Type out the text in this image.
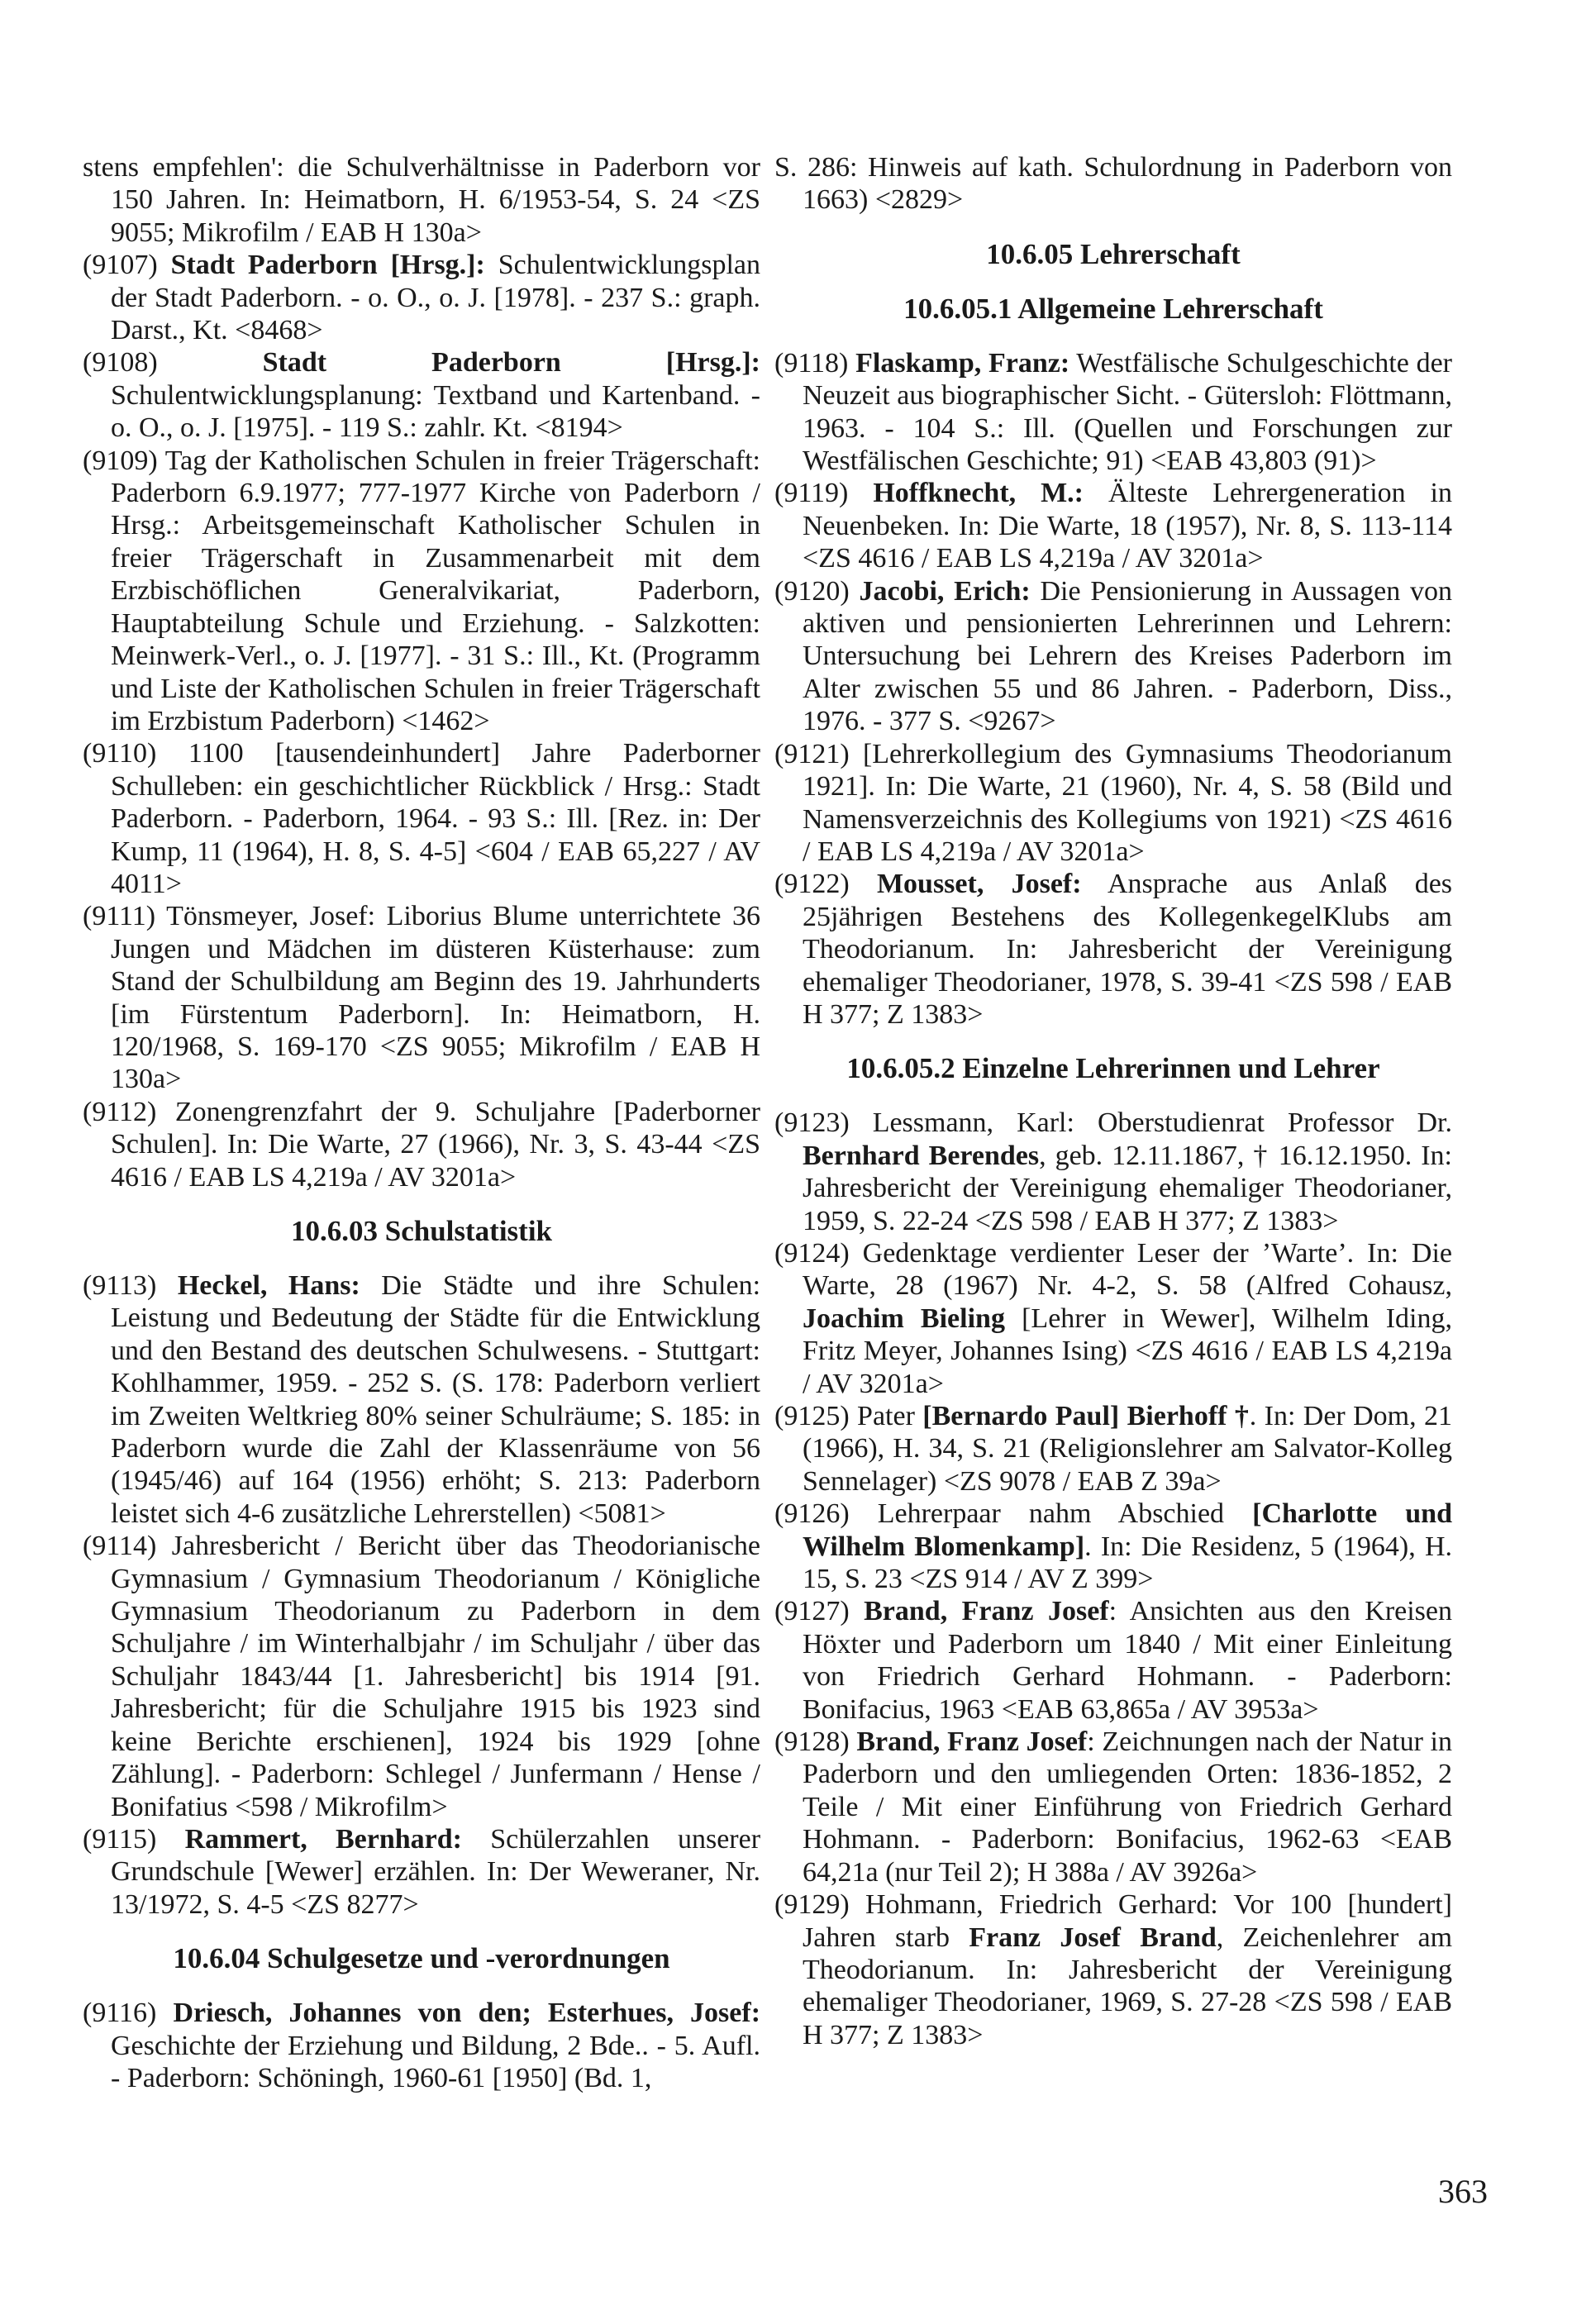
stens empfehlen': die Schulverhältnisse in Paderborn vor 150 Jahren. In: Heimatborn, H. 6/1953-54, S. 24 <ZS 9055; Mikrofilm / EAB H 130a>

(9107) Stadt Paderborn [Hrsg.]: Schulentwicklungsplan der Stadt Paderborn. - o. O., o. J. [1978]. - 237 S.: graph. Darst., Kt. <8468>

(9108)	Stadt Paderborn [Hrsg.]: Schulentwicklungsplanung: Textband und Kartenband. - o. O., o. J. [1975]. - 119 S.: zahlr. Kt. <8194>

(9109) Tag der Katholischen Schulen in freier Trägerschaft: Paderborn 6.9.1977; 777-1977 Kirche von Paderborn / Hrsg.: Arbeitsgemeinschaft Katholischer Schulen in freier Trägerschaft in Zusammenarbeit mit dem Erzbischöflichen Generalvikariat, Paderborn, Hauptabteilung Schule und Erziehung. - Salzkotten: Meinwerk-Verl., o. J. [1977]. - 31 S.: Ill., Kt. (Programm und Liste der Katholischen Schulen in freier Trägerschaft im Erzbistum Paderborn) <1462>

(9110) 1100 [tausendeinhundert] Jahre Paderborner Schulleben: ein geschichtlicher Rückblick / Hrsg.: Stadt Paderborn. - Paderborn, 1964. - 93 S.: Ill. [Rez. in: Der Kump, 11 (1964), H. 8, S. 4-5] <604 / EAB 65,227 / AV 4011>

(9111) Tönsmeyer, Josef: Liborius Blume unterrichtete 36 Jungen und Mädchen im düsteren Küsterhause: zum Stand der Schulbildung am Beginn des 19. Jahrhunderts [im Fürstentum Paderborn]. In: Heimatborn, H. 120/1968, S. 169-170 <ZS 9055; Mikrofilm / EAB H 130a>

(9112) Zonengrenzfahrt der 9. Schuljahre [Paderborner Schulen]. In: Die Warte, 27 (1966), Nr. 3, S. 43-44 <ZS 4616 / EAB LS 4,219a / AV 3201a>

10.6.03 Schulstatistik

(9113) Heckel, Hans: Die Städte und ihre Schulen: Leistung und Bedeutung der Städte für die Entwicklung und den Bestand des deutschen Schulwesens. - Stuttgart: Kohlhammer, 1959. - 252 S. (S. 178: Paderborn verliert im Zweiten Weltkrieg 80% seiner Schulräume; S. 185: in Paderborn wurde die Zahl der Klassenräume von 56 (1945/46) auf 164 (1956) erhöht; S. 213: Paderborn leistet sich 4-6 zusätzliche Lehrerstellen) <5081>

(9114) Jahresbericht / Bericht über das Theodorianische Gymnasium / Gymnasium Theodorianum / Königliche Gymnasium Theodorianum zu Paderborn in dem Schuljahre / im Winterhalbjahr / im Schuljahr / über das Schuljahr 1843/44 [1. Jahresbericht] bis 1914 [91. Jahresbericht; für die Schuljahre 1915 bis 1923 sind keine Berichte erschienen], 1924 bis 1929 [ohne Zählung]. - Paderborn: Schlegel / Junfermann / Hense / Bonifatius <598 / Mikrofilm>

(9115) Rammert, Bernhard: Schülerzahlen unserer Grundschule [Wewer] erzählen. In: Der Weweraner, Nr. 13/1972, S. 4-5 <ZS 8277>

10.6.04 Schulgesetze und -verordnungen

(9116) Driesch, Johannes von den; Esterhues, Josef: Geschichte der Erziehung und Bildung, 2 Bde.. - 5. Aufl. - Paderborn: Schöningh, 1960-61 [1950] (Bd. 1,

S. 286: Hinweis auf kath. Schulordnung in Paderborn von 1663) <2829>

10.6.05 Lehrerschaft

10.6.05.1 Allgemeine Lehrerschaft

(9118) Flaskamp, Franz: Westfälische Schulgeschichte der Neuzeit aus biographischer Sicht. - Gütersloh: Flöttmann, 1963. - 104 S.: Ill. (Quellen und Forschungen zur Westfälischen Geschichte; 91) <EAB 43,803 (91)>

(9119) Hoffknecht, M.: Älteste Lehrergeneration in Neuenbeken. In: Die Warte, 18 (1957), Nr. 8, S. 113-114 <ZS 4616 / EAB LS 4,219a / AV 3201a>

(9120) Jacobi, Erich: Die Pensionierung in Aussagen von aktiven und pensionierten Lehrerinnen und Lehrern: Untersuchung bei Lehrern des Kreises Paderborn im Alter zwischen 55 und 86 Jahren. - Paderborn, Diss., 1976. - 377 S. <9267>

(9121) [Lehrerkollegium des Gymnasiums Theodorianum 1921]. In: Die Warte, 21 (1960), Nr. 4, S. 58 (Bild und Namensverzeichnis des Kollegiums von 1921) <ZS 4616 / EAB LS 4,219a / AV 3201a>

(9122) Mousset, Josef: Ansprache aus Anlaß des 25jährigen Bestehens des KollegenkegelKlubs am Theodorianum. In: Jahresbericht der Vereinigung ehemaliger Theodorianer, 1978, S. 39-41 <ZS 598 / EAB H 377; Z 1383>

10.6.05.2 Einzelne Lehrerinnen und Lehrer

(9123) Lessmann, Karl: Oberstudienrat Professor Dr. Bernhard Berendes, geb. 12.11.1867, † 16.12.1950. In: Jahresbericht der Vereinigung ehemaliger Theodorianer, 1959, S. 22-24 <ZS 598 / EAB H 377; Z 1383>

(9124) Gedenktage verdienter Leser der ’Warte’. In: Die Warte, 28 (1967) Nr. 4-2, S. 58 (Alfred Cohausz, Joachim Bieling [Lehrer in Wewer], Wilhelm Iding, Fritz Meyer, Johannes Ising) <ZS 4616 / EAB LS 4,219a / AV 3201a>

(9125) Pater [Bernardo Paul] Bierhoff †. In: Der Dom, 21 (1966), H. 34, S. 21 (Religionslehrer am Salvator-Kolleg Sennelager) <ZS 9078 / EAB Z 39a>

(9126) Lehrerpaar nahm Abschied [Charlotte und Wilhelm Blomenkamp]. In: Die Residenz, 5 (1964), H. 15, S. 23 <ZS 914 / AV Z 399>

(9127) Brand, Franz Josef: Ansichten aus den Kreisen Höxter und Paderborn um 1840 / Mit einer Einleitung von Friedrich Gerhard Hohmann. - Paderborn: Bonifacius, 1963 <EAB 63,865a / AV 3953a>

(9128) Brand, Franz Josef: Zeichnungen nach der Natur in Paderborn und den umliegenden Orten: 1836-1852, 2 Teile / Mit einer Einführung von Friedrich Gerhard Hohmann. - Paderborn: Bonifacius, 1962-63 <EAB 64,21a (nur Teil 2); H 388a / AV 3926a>

(9129) Hohmann, Friedrich Gerhard: Vor 100 [hundert] Jahren starb Franz Josef Brand, Zeichenlehrer am Theodorianum. In: Jahresbericht der Vereinigung ehemaliger Theodorianer, 1969, S. 27-28 <ZS 598 / EAB H 377; Z 1383>

363
